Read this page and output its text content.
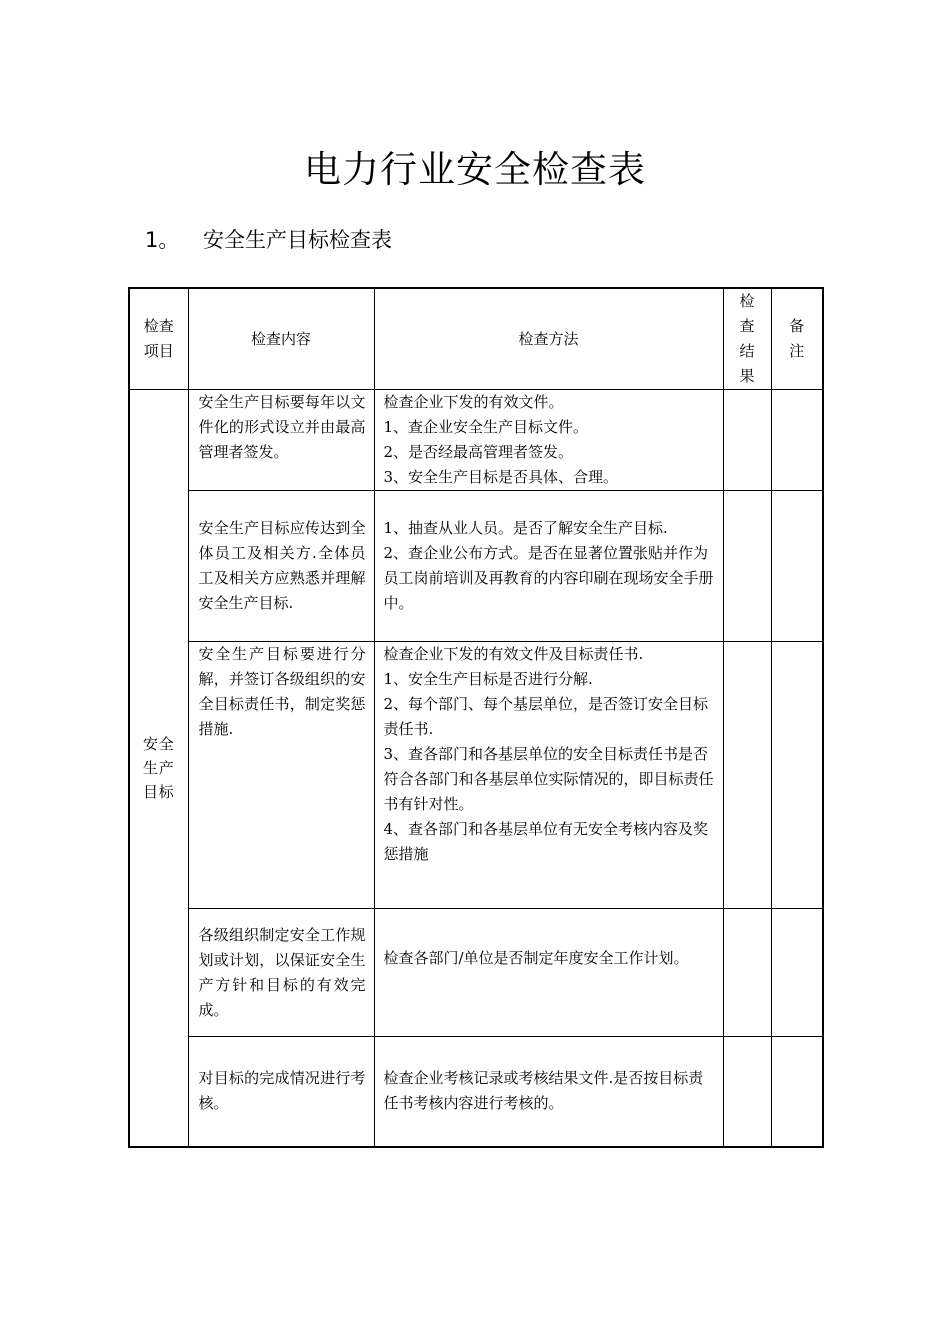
电力行业安全检查表
1。 安全生产目标检查表
检查项目	检查内容	检查方法	检查结果	备注

安全生产目标	安全生产目标要每年以文件化的形式设立并由最高管理者签发。	检查企业下发的有效文件。
1、查企业安全生产目标文件。
2、是否经最高管理者签发。
3、安全生产目标是否具体、合理。		

	安全生产目标应传达到全体员工及相关方.全体员工及相关方应熟悉并理解安全生产目标.	1、抽查从业人员。是否了解安全生产目标.
2、查企业公布方式。是否在显著位置张贴并作为员工岗前培训及再教育的内容印刷在现场安全手册中。		

	安全生产目标要进行分解，并签订各级组织的安全目标责任书，制定奖惩措施.	检查企业下发的有效文件及目标责任书.
1、安全生产目标是否进行分解.
2、每个部门、每个基层单位，是否签订安全目标责任书.
3、查各部门和各基层单位的安全目标责任书是否符合各部门和各基层单位实际情况的，即目标责任书有针对性。
4、查各部门和各基层单位有无安全考核内容及奖惩措施		

	各级组织制定安全工作规划或计划，以保证安全生产方针和目标的有效完成。	检查各部门/单位是否制定年度安全工作计划。		

	对目标的完成情况进行考核。	检查企业考核记录或考核结果文件.是否按目标责任书考核内容进行考核的。		
